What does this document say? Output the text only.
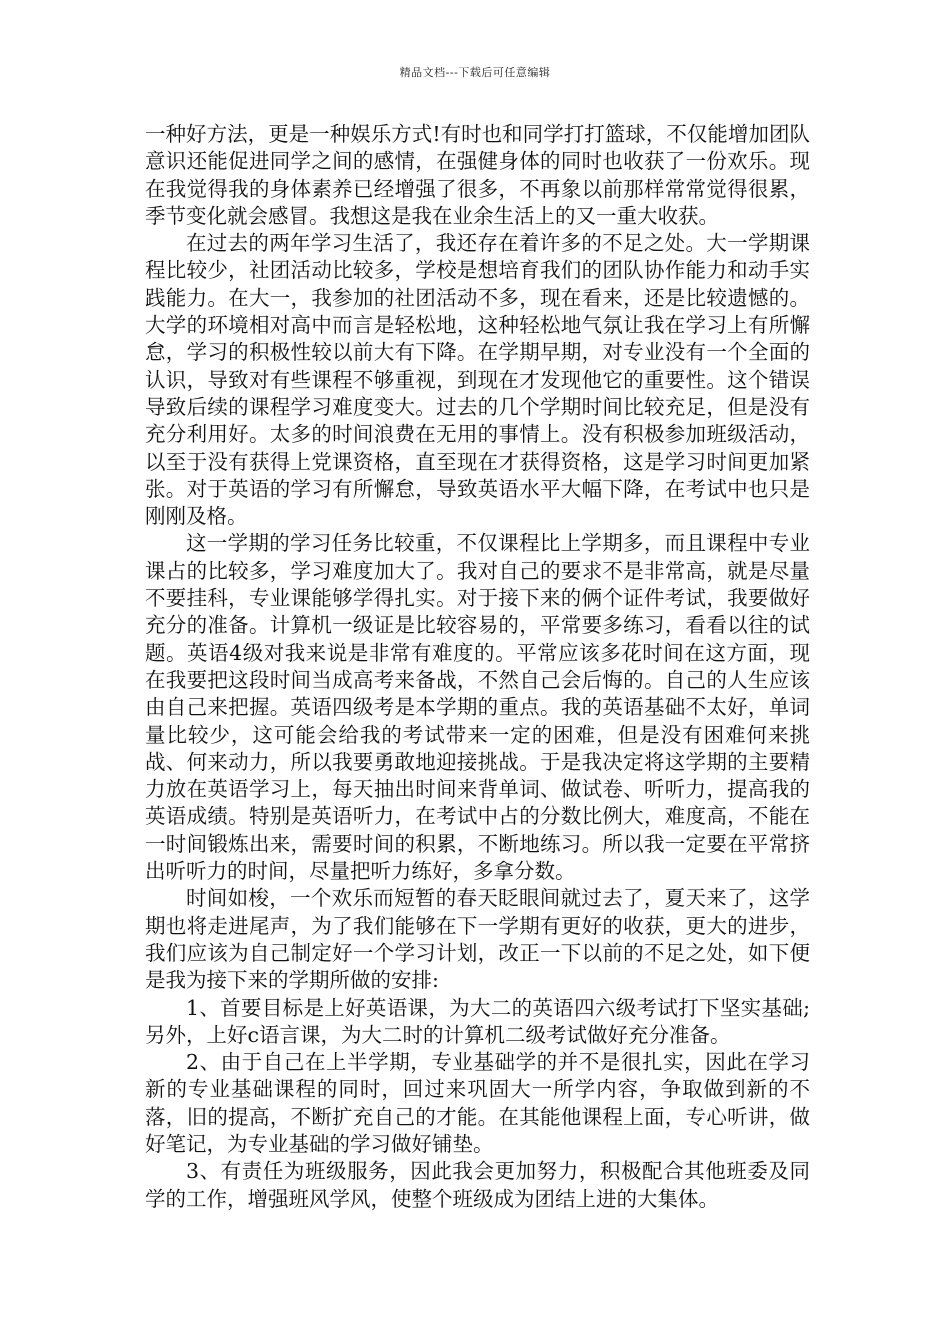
精品文档---下载后可任意编辑

一种好方法，更是一种娱乐方式!有时也和同学打打篮球，不仅能增加团队意识还能促进同学之间的感情，在强健身体的同时也收获了一份欢乐。现在我觉得我的身体素养已经增强了很多，不再象以前那样常常觉得很累，季节变化就会感冒。我想这是我在业余生活上的又一重大收获。

在过去的两年学习生活了，我还存在着许多的不足之处。大一学期课程比较少，社团活动比较多，学校是想培育我们的团队协作能力和动手实践能力。在大一，我参加的社团活动不多，现在看来，还是比较遗憾的。大学的环境相对高中而言是轻松地，这种轻松地气氛让我在学习上有所懈怠，学习的积极性较以前大有下降。在学期早期，对专业没有一个全面的认识，导致对有些课程不够重视，到现在才发现他它的重要性。这个错误导致后续的课程学习难度变大。过去的几个学期时间比较充足，但是没有充分利用好。太多的时间浪费在无用的事情上。没有积极参加班级活动，以至于没有获得上党课资格，直至现在才获得资格，这是学习时间更加紧张。对于英语的学习有所懈怠，导致英语水平大幅下降，在考试中也只是刚刚及格。

这一学期的学习任务比较重，不仅课程比上学期多，而且课程中专业课占的比较多，学习难度加大了。我对自己的要求不是非常高，就是尽量不要挂科，专业课能够学得扎实。对于接下来的俩个证件考试，我要做好充分的准备。计算机一级证是比较容易的，平常要多练习，看看以往的试题。英语4级对我来说是非常有难度的。平常应该多花时间在这方面，现在我要把这段时间当成高考来备战，不然自己会后悔的。自己的人生应该由自己来把握。英语四级考是本学期的重点。我的英语基础不太好，单词量比较少，这可能会给我的考试带来一定的困难，但是没有困难何来挑战、何来动力，所以我要勇敢地迎接挑战。于是我决定将这学期的主要精力放在英语学习上，每天抽出时间来背单词、做试卷、听听力，提高我的英语成绩。特别是英语听力，在考试中占的分数比例大，难度高，不能在一时间锻炼出来，需要时间的积累，不断地练习。所以我一定要在平常挤出听听力的时间，尽量把听力练好，多拿分数。

时间如梭，一个欢乐而短暂的春天眨眼间就过去了，夏天来了，这学期也将走进尾声，为了我们能够在下一学期有更好的收获，更大的进步，我们应该为自己制定好一个学习计划，改正一下以前的不足之处，如下便是我为接下来的学期所做的安排:

1、首要目标是上好英语课，为大二的英语四六级考试打下坚实基础;另外，上好c语言课，为大二时的计算机二级考试做好充分准备。

2、由于自己在上半学期，专业基础学的并不是很扎实，因此在学习新的专业基础课程的同时，回过来巩固大一所学内容，争取做到新的不落，旧的提高，不断扩充自己的才能。在其能他课程上面，专心听讲，做好笔记，为专业基础的学习做好铺垫。

3、有责任为班级服务，因此我会更加努力，积极配合其他班委及同学的工作，增强班风学风，使整个班级成为团结上进的大集体。
